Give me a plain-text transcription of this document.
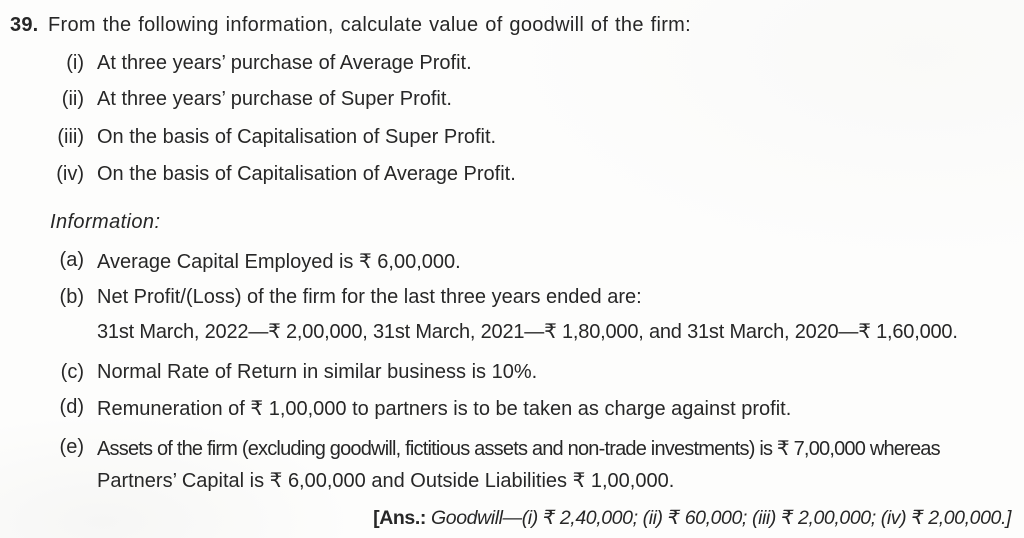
39. From the following information, calculate value of goodwill of the firm:
(i) At three years’ purchase of Average Profit.
(ii) At three years’ purchase of Super Profit.
(iii) On the basis of Capitalisation of Super Profit.
(iv) On the basis of Capitalisation of Average Profit.
Information:
(a) Average Capital Employed is ₹ 6,00,000.
(b) Net Profit/(Loss) of the firm for the last three years ended are:
31st March, 2022—₹ 2,00,000, 31st March, 2021—₹ 1,80,000, and 31st March, 2020—₹ 1,60,000.
(c) Normal Rate of Return in similar business is 10%.
(d) Remuneration of ₹ 1,00,000 to partners is to be taken as charge against profit.
(e) Assets of the firm (excluding goodwill, fictitious assets and non-trade investments) is ₹ 7,00,000 whereas
Partners’ Capital is ₹ 6,00,000 and Outside Liabilities ₹ 1,00,000.
[Ans.: Goodwill—(i) ₹ 2,40,000; (ii) ₹ 60,000; (iii) ₹ 2,00,000; (iv) ₹ 2,00,000.]
